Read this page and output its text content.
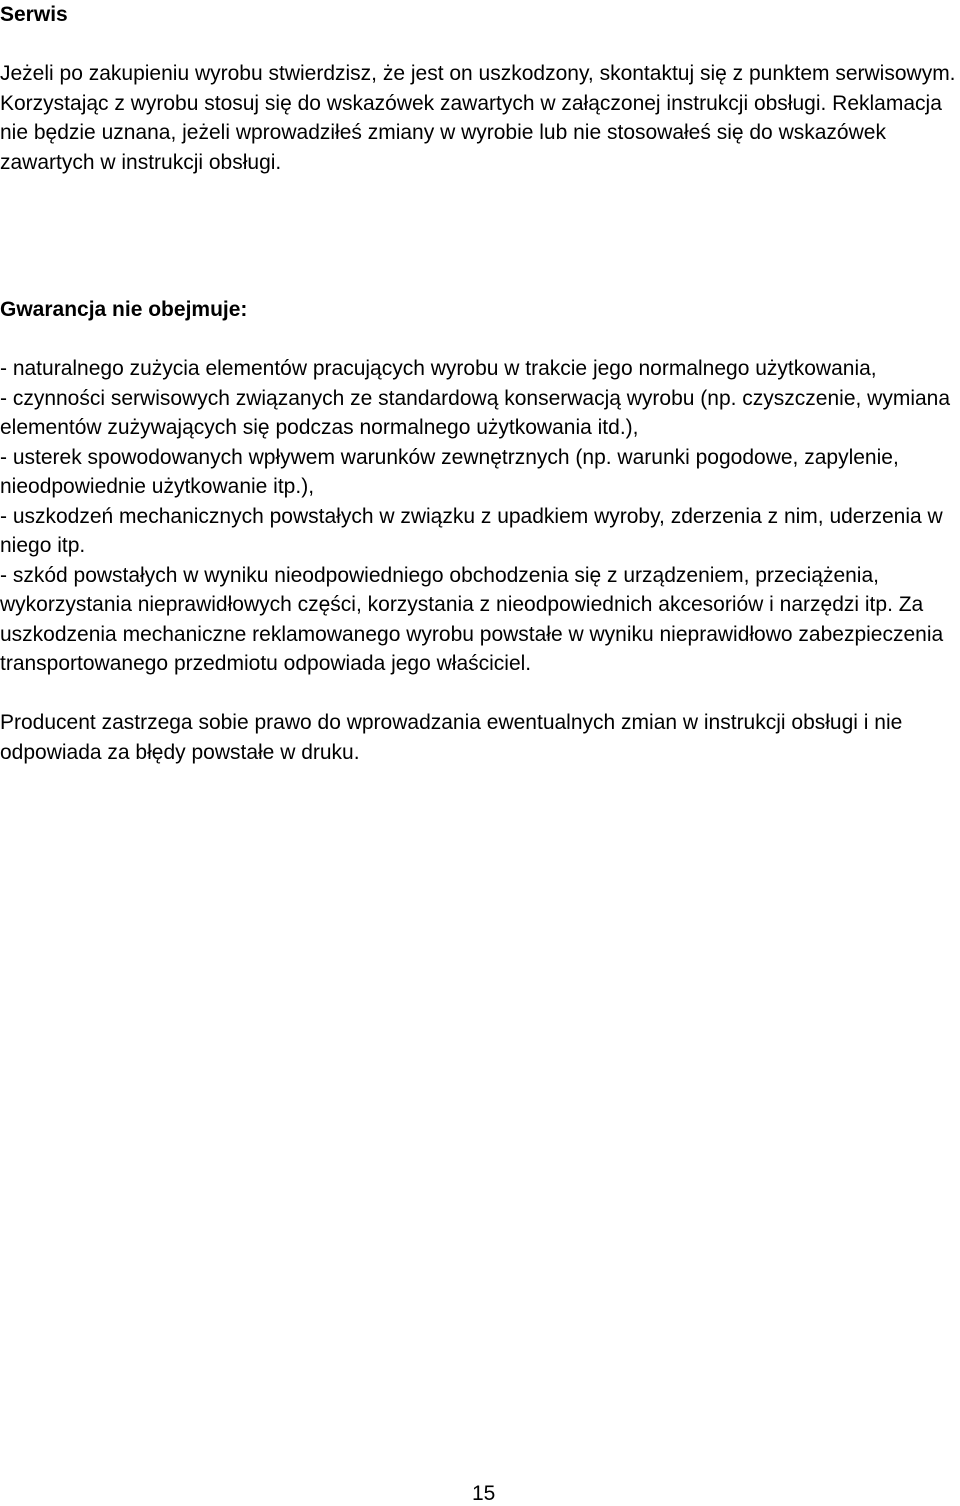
Serwis

Jeżeli po zakupieniu wyrobu stwierdzisz, że jest on uszkodzony, skontaktuj się z punktem serwisowym. Korzystając z wyrobu stosuj się do wskazówek zawartych w załączonej instrukcji obsługi. Reklamacja nie będzie uznana, jeżeli wprowadziłeś zmiany w wyrobie lub nie stosowałeś się do wskazówek zawartych w instrukcji obsługi.

Gwarancja nie obejmuje:

- naturalnego zużycia elementów pracujących wyrobu w trakcie jego normalnego użytkowania,

- czynności serwisowych związanych ze standardową konserwacją wyrobu (np. czyszczenie, wymiana elementów zużywających się podczas normalnego użytkowania itd.),

- usterek spowodowanych wpływem warunków zewnętrznych (np. warunki pogodowe, zapylenie, nieodpowiednie użytkowanie itp.),

- uszkodzeń mechanicznych powstałych w związku z upadkiem wyroby, zderzenia z nim, uderzenia w niego itp.

- szkód powstałych w wyniku nieodpowiedniego obchodzenia się z urządzeniem, przeciążenia, wykorzystania nieprawidłowych części, korzystania z nieodpowiednich akcesoriów i narzędzi itp. Za uszkodzenia mechaniczne reklamowanego wyrobu powstałe w wyniku nieprawidłowo zabezpieczenia transportowanego przedmiotu odpowiada jego właściciel.

Producent zastrzega sobie prawo do wprowadzania ewentualnych zmian w instrukcji obsługi i nie odpowiada za błędy powstałe w druku.

15
